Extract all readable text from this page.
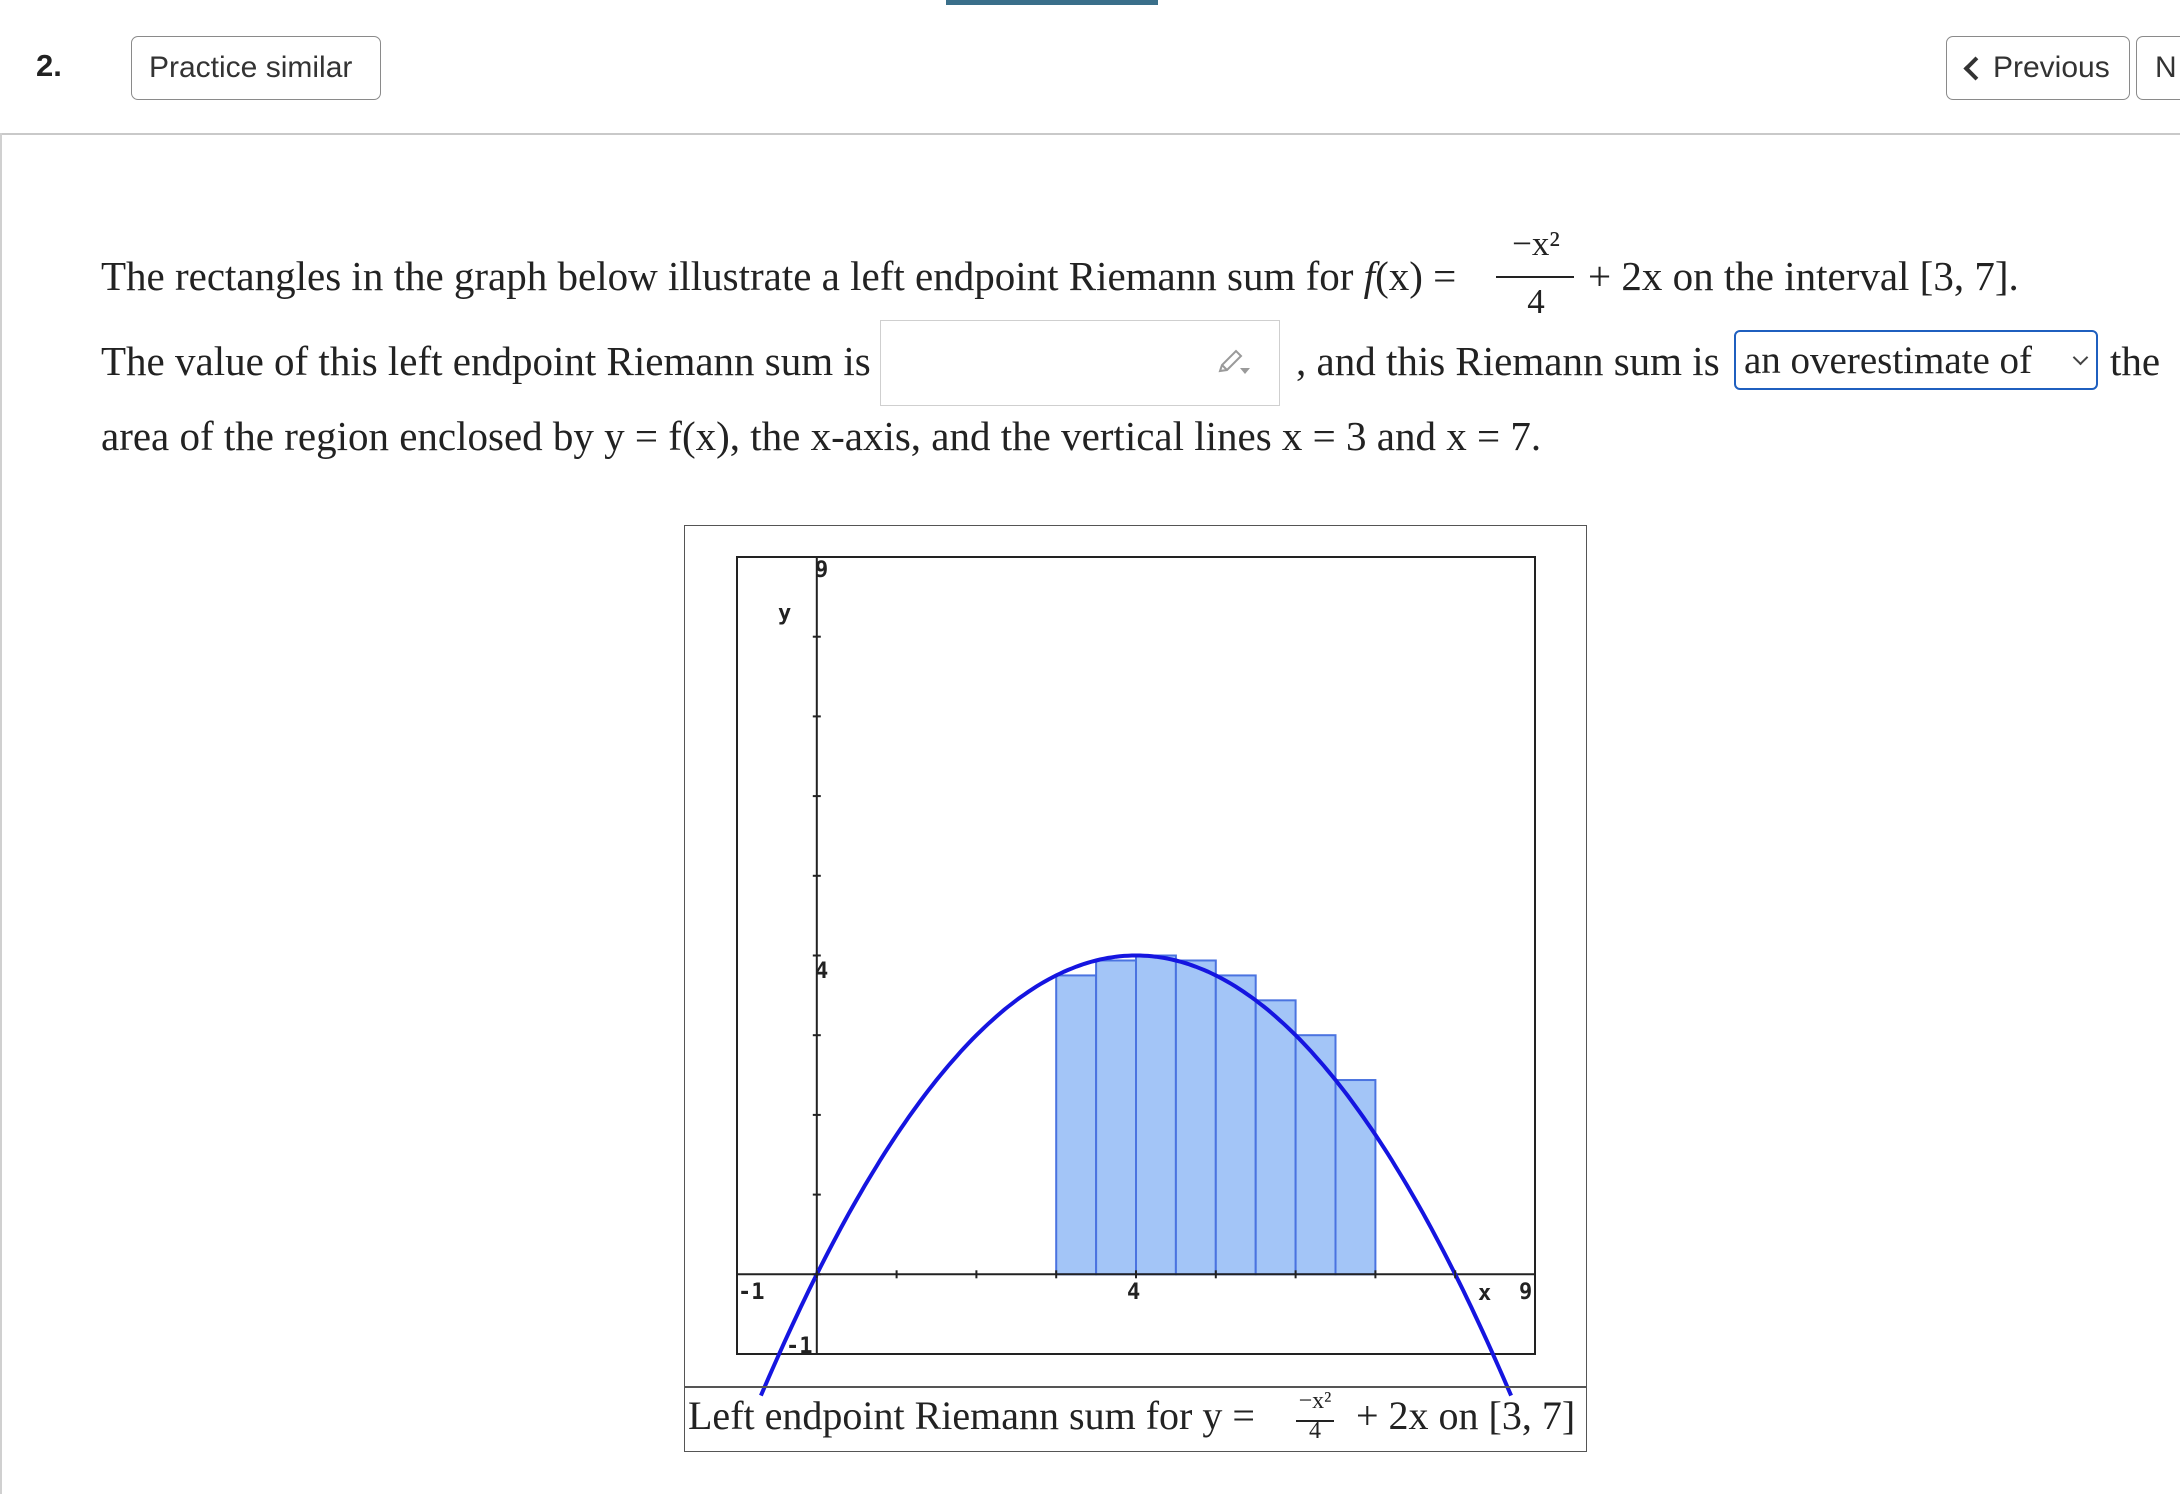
2.	Practice similar	Previous N
The rectangles in the graph below illustrate a left endpoint Riemann sum for f(x) =
−x²
4
+ 2x on the interval [3, 7].
The value of this left endpoint Riemann sum is	, and this Riemann sum is an overestimate of the
area of the region enclosed by y = f(x), the x-axis, and the vertical lines x = 3 and x = 7.
y
x
-1	4	9
9
4
-1
Left endpoint Riemann sum for y = −x²
4 + 2x on [3, 7]
